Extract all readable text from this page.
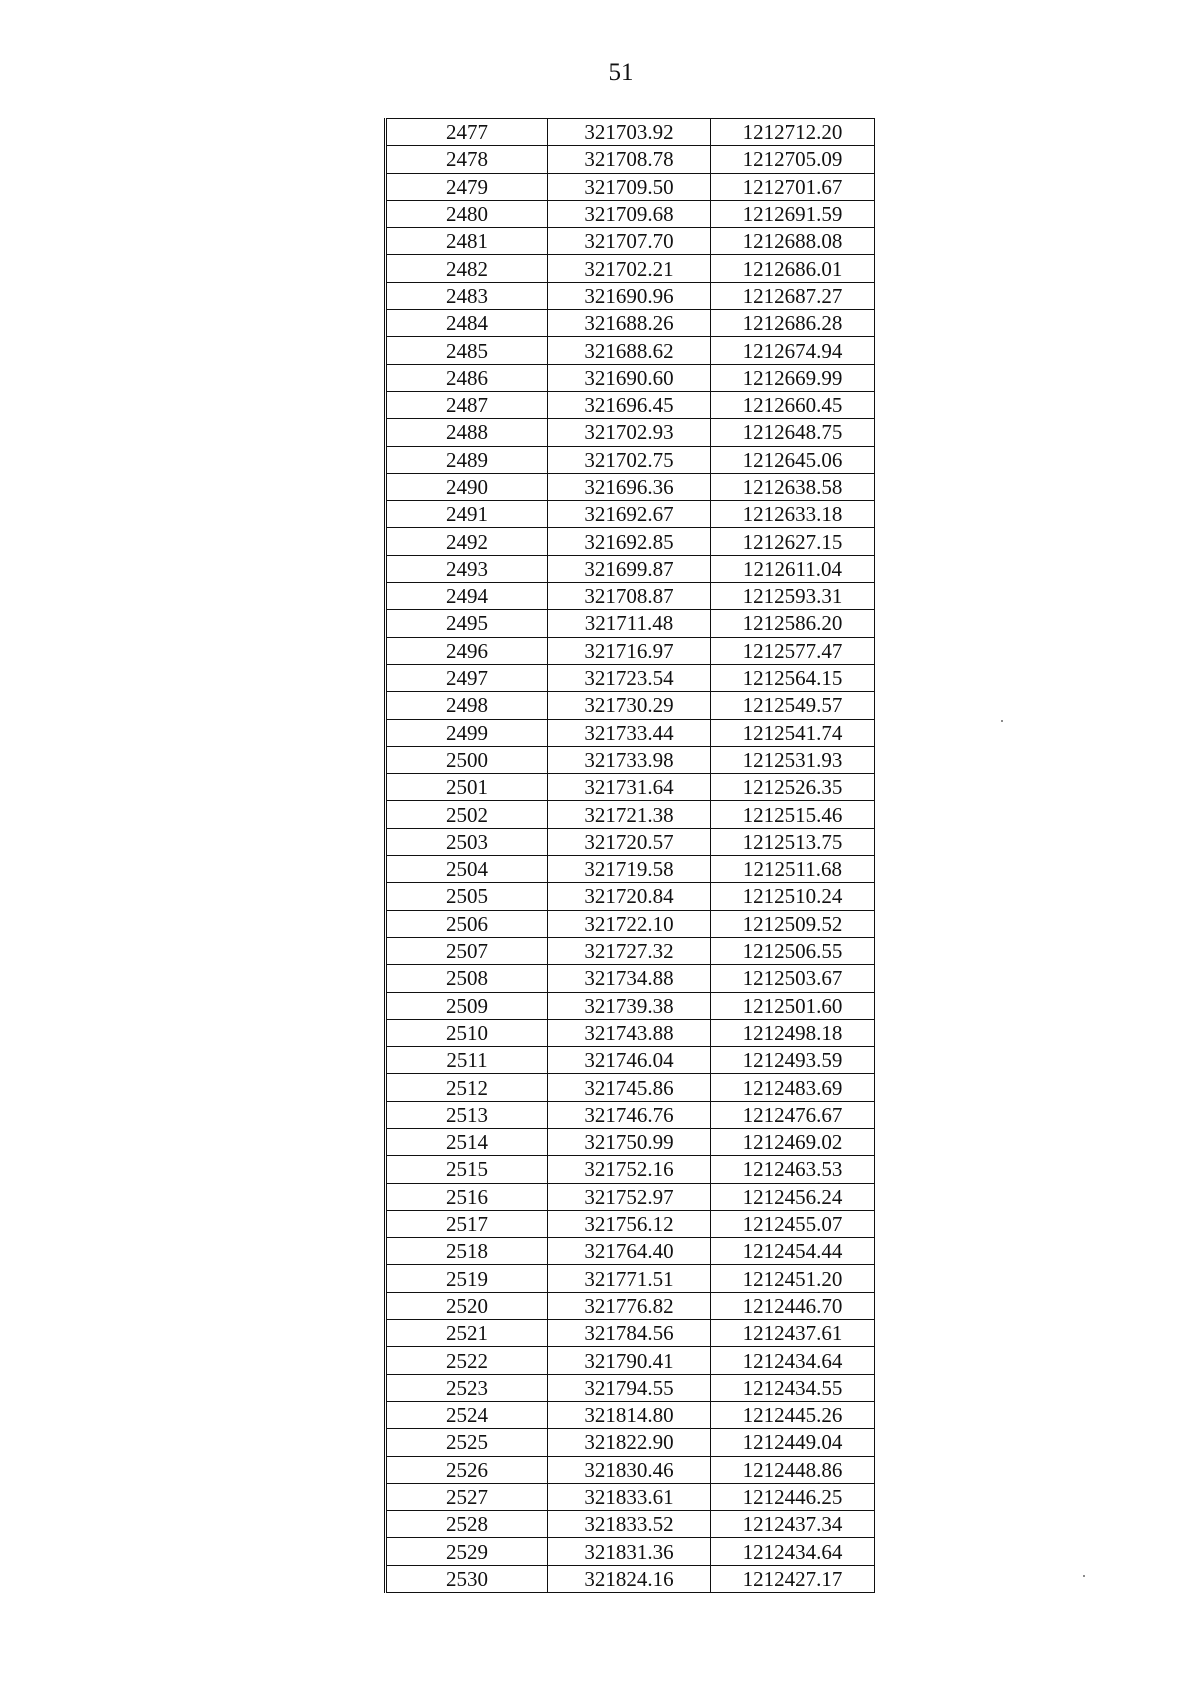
51
2477	321703.92	1212712.20
2478	321708.78	1212705.09
2479	321709.50	1212701.67
2480	321709.68	1212691.59
2481	321707.70	1212688.08
2482	321702.21	1212686.01
2483	321690.96	1212687.27
2484	321688.26	1212686.28
2485	321688.62	1212674.94
2486	321690.60	1212669.99
2487	321696.45	1212660.45
2488	321702.93	1212648.75
2489	321702.75	1212645.06
2490	321696.36	1212638.58
2491	321692.67	1212633.18
2492	321692.85	1212627.15
2493	321699.87	1212611.04
2494	321708.87	1212593.31
2495	321711.48	1212586.20
2496	321716.97	1212577.47
2497	321723.54	1212564.15
2498	321730.29	1212549.57
2499	321733.44	1212541.74
2500	321733.98	1212531.93
2501	321731.64	1212526.35
2502	321721.38	1212515.46
2503	321720.57	1212513.75
2504	321719.58	1212511.68
2505	321720.84	1212510.24
2506	321722.10	1212509.52
2507	321727.32	1212506.55
2508	321734.88	1212503.67
2509	321739.38	1212501.60
2510	321743.88	1212498.18
2511	321746.04	1212493.59
2512	321745.86	1212483.69
2513	321746.76	1212476.67
2514	321750.99	1212469.02
2515	321752.16	1212463.53
2516	321752.97	1212456.24
2517	321756.12	1212455.07
2518	321764.40	1212454.44
2519	321771.51	1212451.20
2520	321776.82	1212446.70
2521	321784.56	1212437.61
2522	321790.41	1212434.64
2523	321794.55	1212434.55
2524	321814.80	1212445.26
2525	321822.90	1212449.04
2526	321830.46	1212448.86
2527	321833.61	1212446.25
2528	321833.52	1212437.34
2529	321831.36	1212434.64
2530	321824.16	1212427.17
